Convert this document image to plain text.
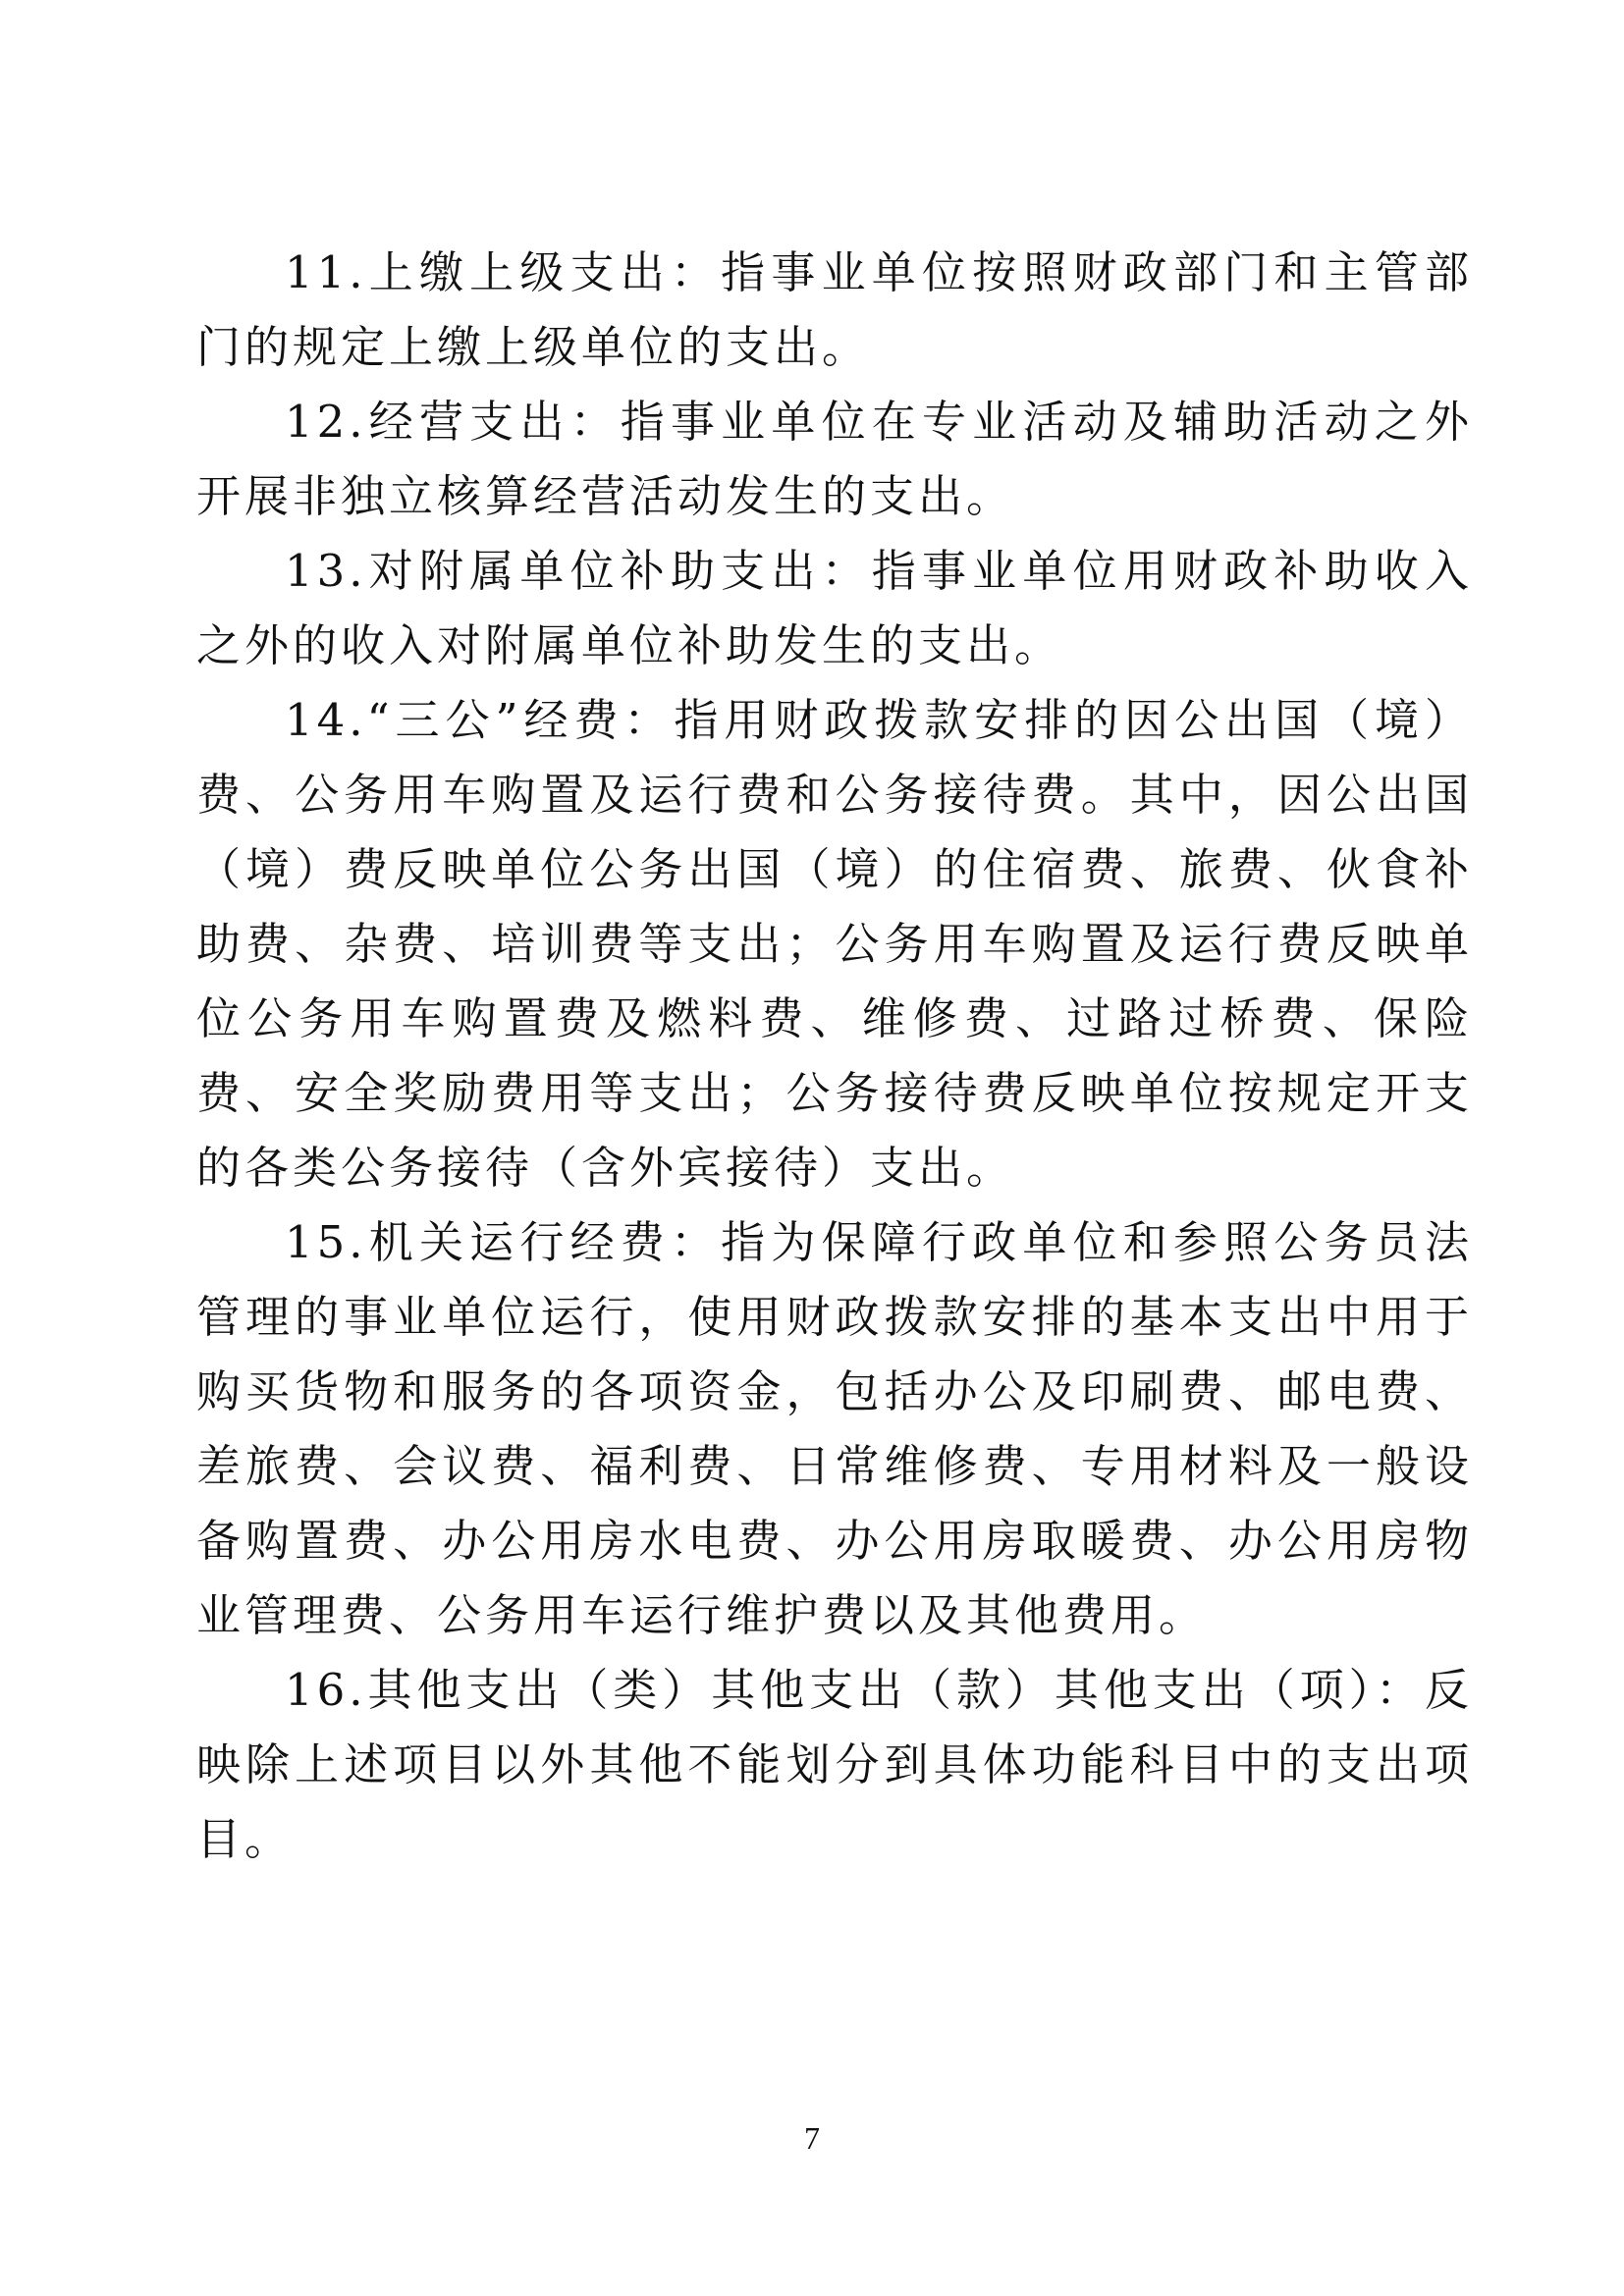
11.上缴上级支出：指事业单位按照财政部门和主管部门的规定上缴上级单位的支出。

12.经营支出：指事业单位在专业活动及辅助活动之外开展非独立核算经营活动发生的支出。

13.对附属单位补助支出：指事业单位用财政补助收入之外的收入对附属单位补助发生的支出。

14.“三公”经费：指用财政拨款安排的因公出国（境）费、公务用车购置及运行费和公务接待费。其中，因公出国（境）费反映单位公务出国（境）的住宿费、旅费、伙食补助费、杂费、培训费等支出；公务用车购置及运行费反映单位公务用车购置费及燃料费、维修费、过路过桥费、保险费、安全奖励费用等支出；公务接待费反映单位按规定开支的各类公务接待（含外宾接待）支出。

15.机关运行经费：指为保障行政单位和参照公务员法管理的事业单位运行，使用财政拨款安排的基本支出中用于购买货物和服务的各项资金，包括办公及印刷费、邮电费、差旅费、会议费、福利费、日常维修费、专用材料及一般设备购置费、办公用房水电费、办公用房取暖费、办公用房物业管理费、公务用车运行维护费以及其他费用。

16.其他支出（类）其他支出（款）其他支出（项）：反映除上述项目以外其他不能划分到具体功能科目中的支出项目。

7
